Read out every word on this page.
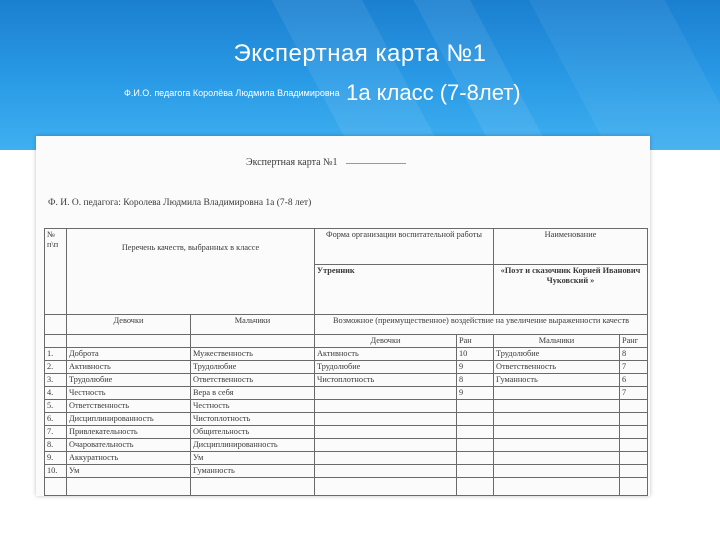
Экспертная карта №1
Ф.И.О. педагога Королёва Людмила Владимировна 1а класс (7-8лет)
Экспертная карта №1
Ф. И. О. педагога: Королева Людмила Владимировна 1а (7-8 лет)
№
п\п	Перечень качеств, выбранных в классе		Форма организации воспитательной работы		Наименование	
			Утренник		«Поэт и сказочник Корней Иванович Чуковский »	
	Девочки	Мальчики	Возможное (преимущественное) воздействие на увеличение выраженности качеств			
			Девочки	Ран	Мальчики	Ранг
1.	Доброта	Мужественность	Активность	10	Трудолюбие	8
2.	Активность	Трудолюбие	Трудолюбие	9	Ответственность	7
3.	Трудолюбие	Ответственность	Чистоплотность	8	Гуманность	6
4.	Честность	Вера в себя		9		7
5.	Ответственность	Честность				
6.	Дисциплинированность	Чистоплотность				
7.	Привлекательность	Общительность				
8.	Очаровательность	Дисциплинированность				
9.	Аккуратность	Ум				
10.	Ум	Гуманность				
